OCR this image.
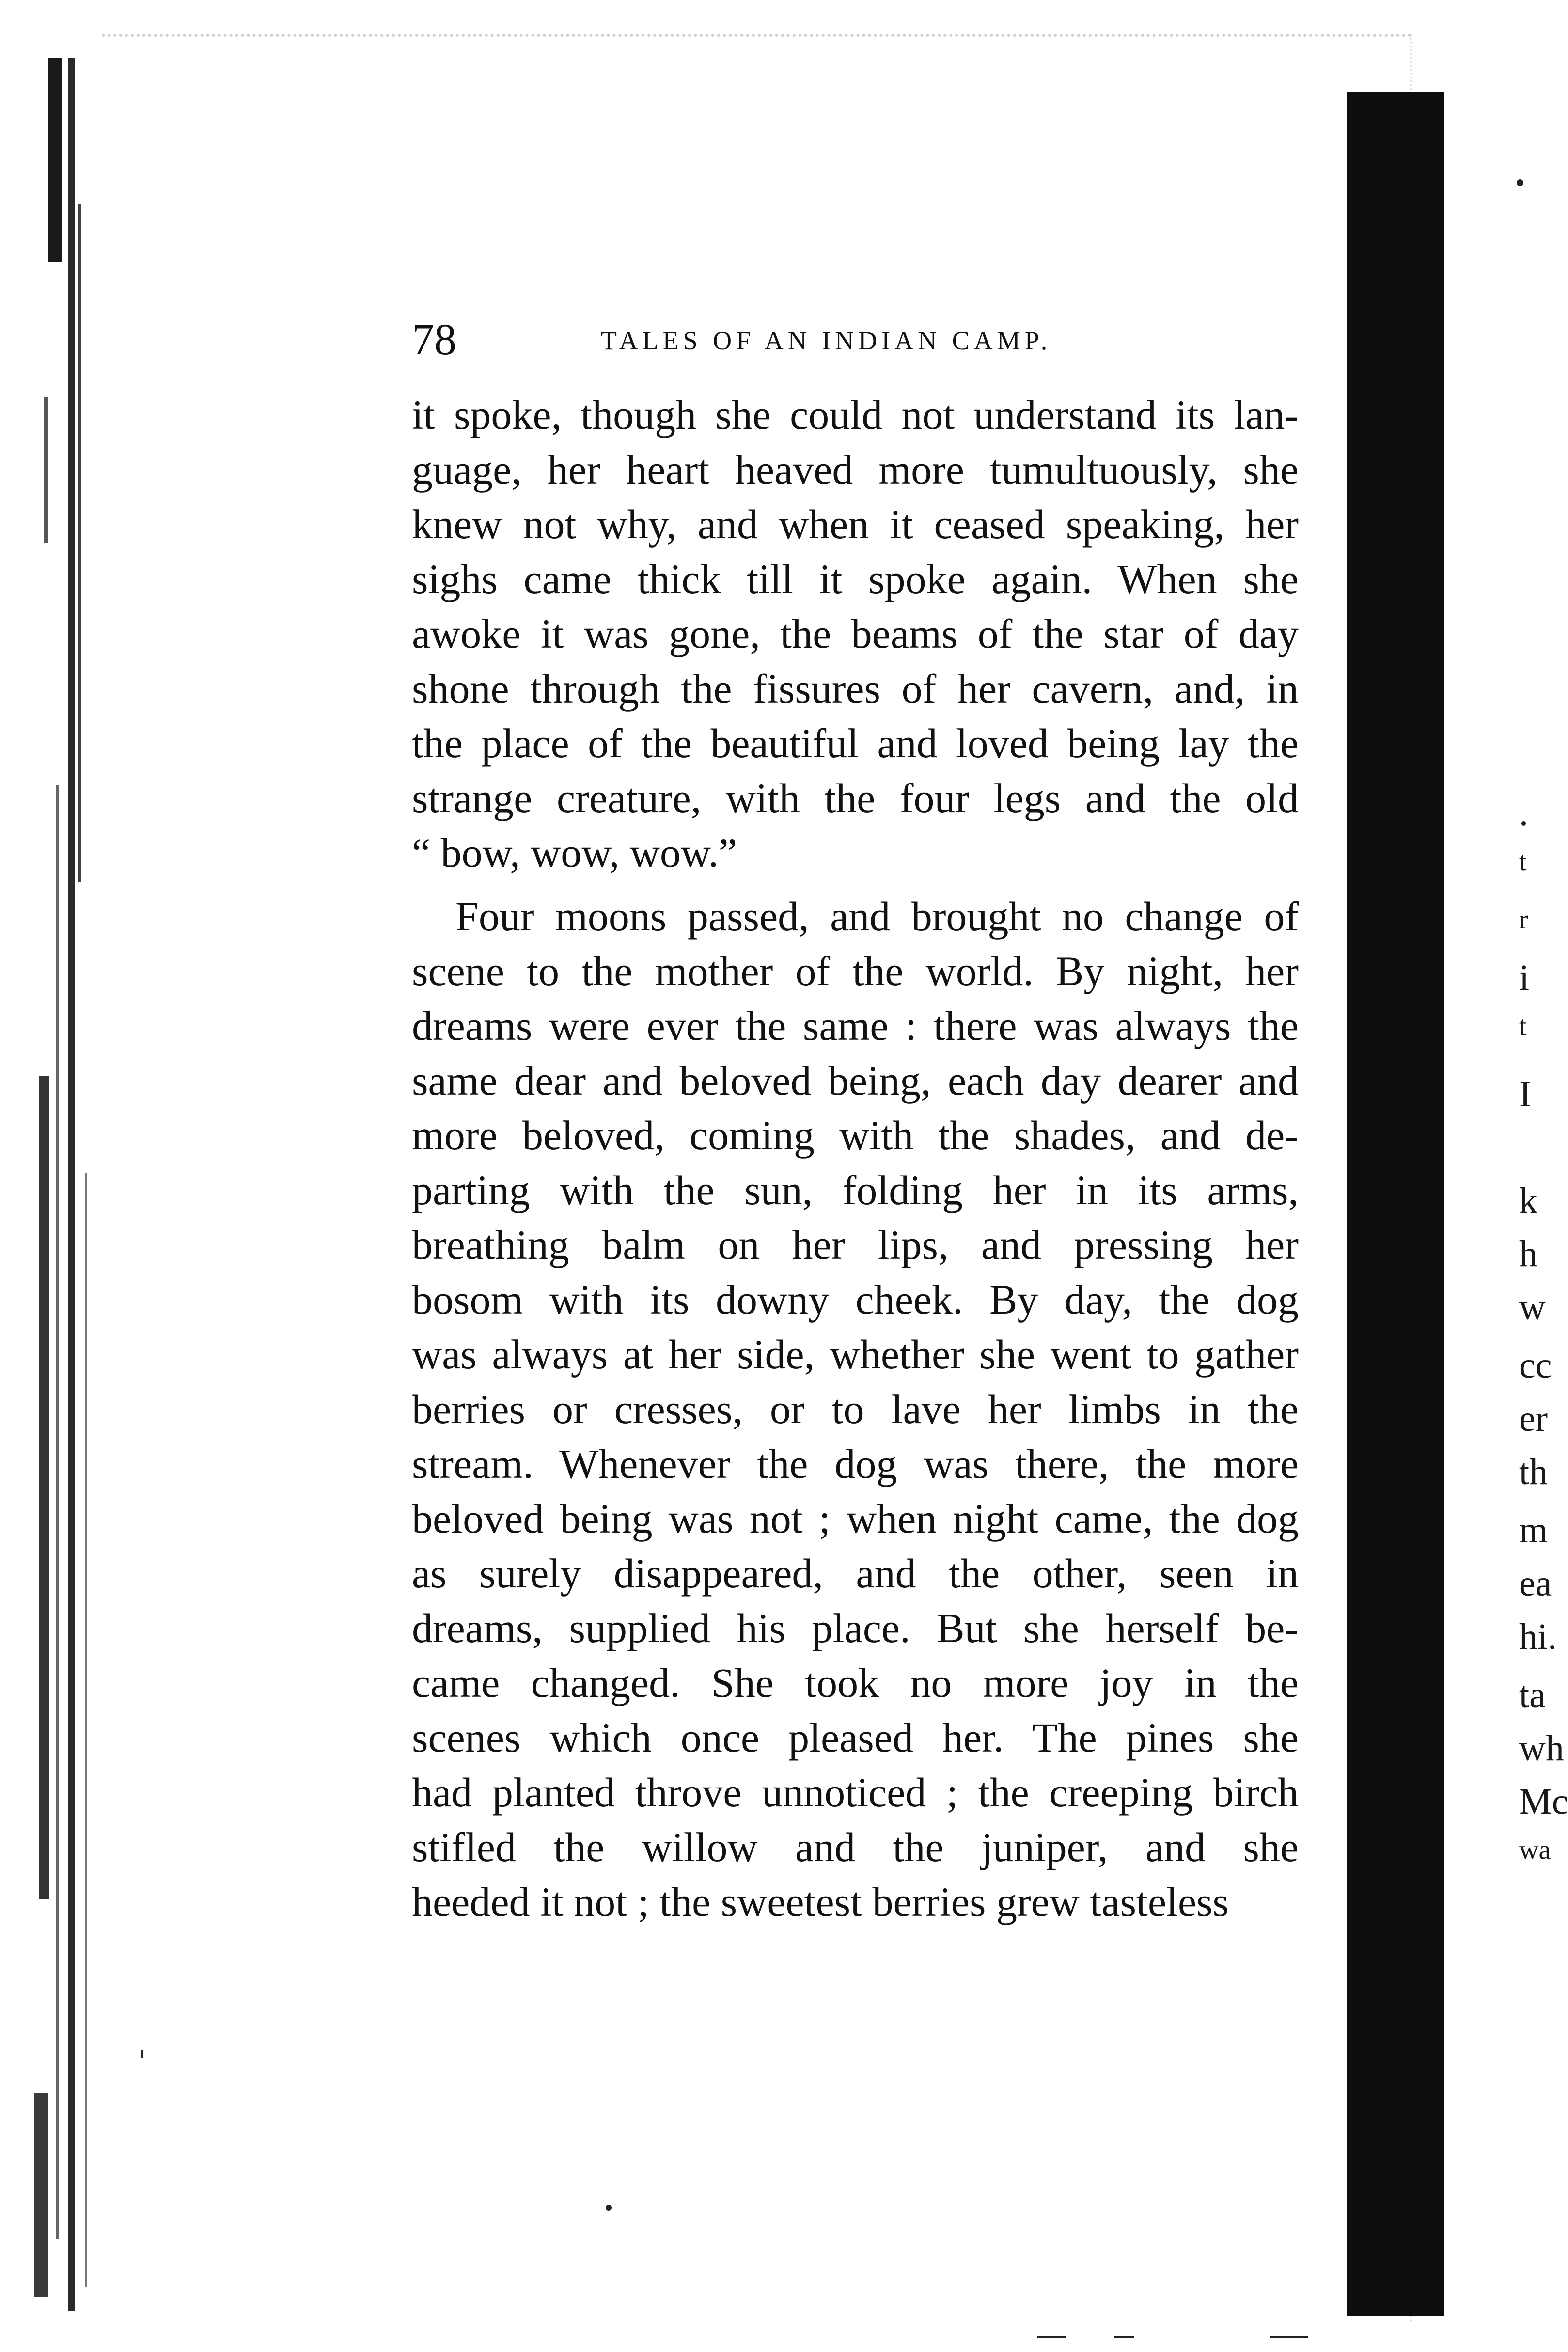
78	TALES OF AN INDIAN CAMP.
it spoke, though she could not understand its lan-
guage, her heart heaved more tumultuously, she
knew not why, and when it ceased speaking, her
sighs came thick till it spoke again. When she
awoke it was gone, the beams of the star of day
shone through the fissures of her cavern, and, in
the place of the beautiful and loved being lay the
strange creature, with the four legs and the old
“ bow, wow, wow.”
Four moons passed, and brought no change of
scene to the mother of the world. By night, her
dreams were ever the same : there was always the
same dear and beloved being, each day dearer and
more beloved, coming with the shades, and de-
parting with the sun, folding her in its arms,
breathing balm on her lips, and pressing her
bosom with its downy cheek. By day, the dog
was always at her side, whether she went to gather
berries or cresses, or to lave her limbs in the
stream. Whenever the dog was there, the more
beloved being was not ; when night came, the dog
as surely disappeared, and the other, seen in
dreams, supplied his place. But she herself be-
came changed. She took no more joy in the
scenes which once pleased her. The pines she
had planted throve unnoticed ; the creeping birch
stifled the willow and the juniper, and she
heeded it not ; the sweetest berries grew tasteless
.
t
r
i
t
I
k
h
w
cc
er
th
m
ea
hi.
ta
wh
Mc
wa
